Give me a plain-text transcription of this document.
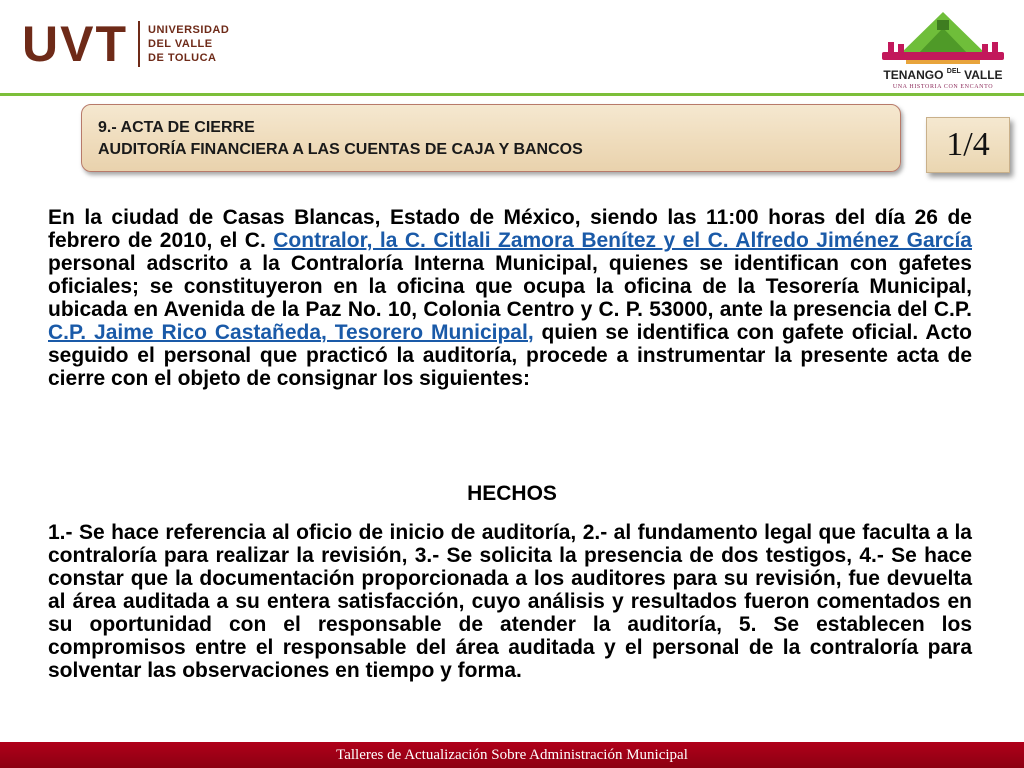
UVT UNIVERSIDAD
DEL VALLE
DE TOLUCA
TENANGO $^{DEL}$ VALLE
UNA HISTORIA CON ENCANTO
9.- ACTA DE CIERRE
AUDITORÍA FINANCIERA A LAS CUENTAS DE CAJA Y BANCOS	1/4

En la ciudad de Casas Blancas, Estado de México, siendo las 11:00 horas del día 26 de febrero de 2010, el C. Contralor, la C. Citlali Zamora Benítez y el C. Alfredo Jiménez García personal adscrito a la Contraloría Interna Municipal, quienes se identifican con gafetes oficiales; se constituyeron en la oficina que ocupa la oficina de la Tesorería Municipal, ubicada en Avenida de la Paz No. 10, Colonia Centro y C. P. 53000, ante la presencia del C.P. C.P. Jaime Rico Castañeda, Tesorero Municipal, quien se identifica con gafete oficial. Acto seguido el personal que practicó la auditoría, procede a instrumentar la presente acta de cierre con el objeto de consignar los siguientes:

HECHOS

1.- Se hace referencia al oficio de inicio de auditoría, 2.- al fundamento legal que faculta a la contraloría para realizar la revisión, 3.- Se solicita la presencia de dos testigos, 4.- Se hace constar que la documentación proporcionada a los auditores para su revisión, fue devuelta al área auditada a su entera satisfacción, cuyo análisis y resultados fueron comentados en su oportunidad con el responsable de atender la auditoría, 5. Se establecen los compromisos entre el responsable del área auditada y el personal de la contraloría para solventar las observaciones en tiempo y forma.

Talleres de Actualización Sobre Administración Municipal
